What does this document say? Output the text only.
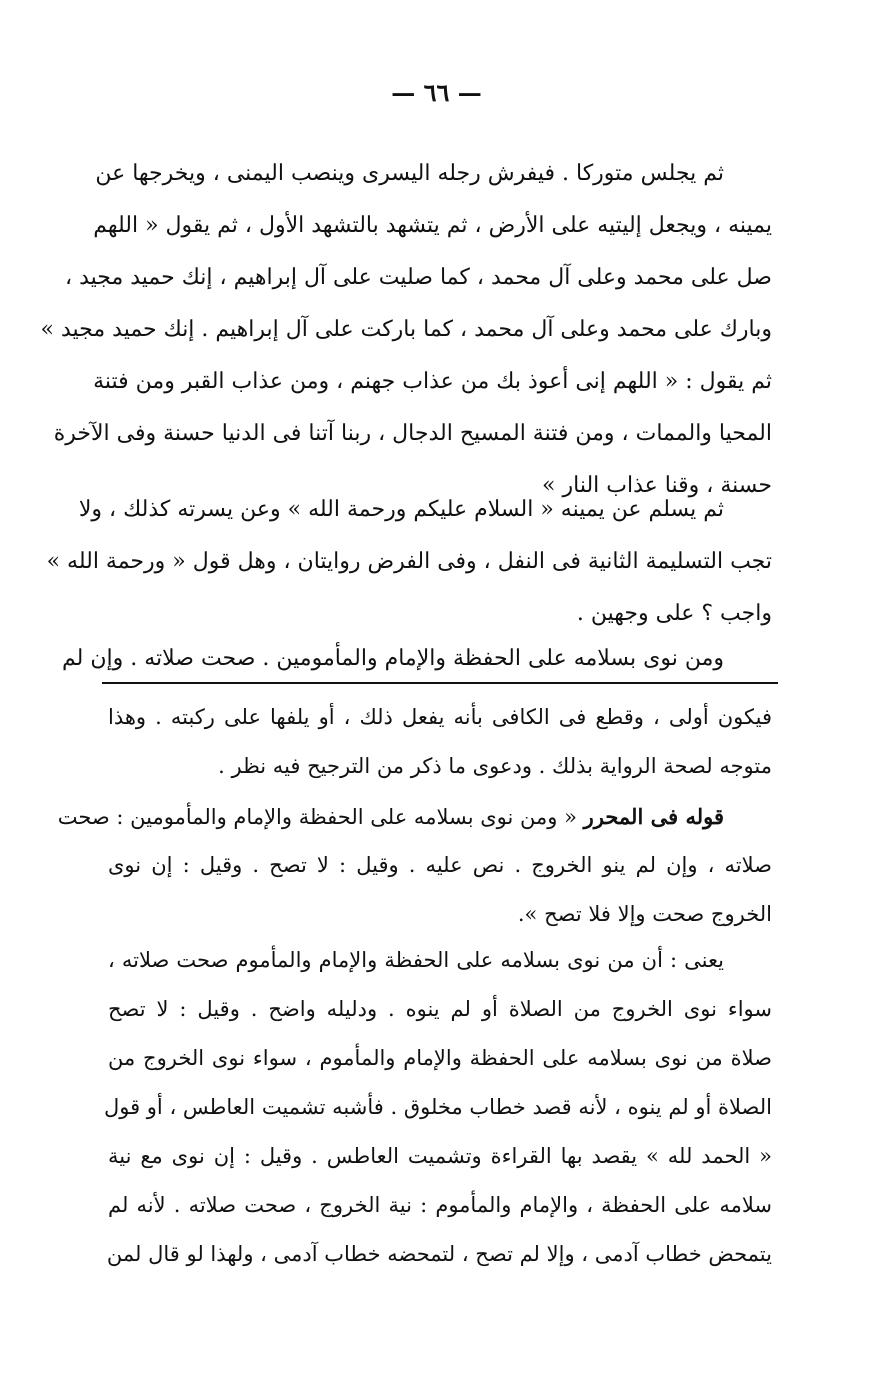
— ٦٦ —
ثم يجلس متوركا . فيفرش رجله اليسرى وينصب اليمنى ، ويخرجها عن
يمينه ، ويجعل إليتيه على الأرض ، ثم يتشهد بالتشهد الأول ، ثم يقول « اللهم
صل على محمد وعلى آل محمد ، كما صليت على آل إبراهيم ، إنك حميد مجيد ،
وبارك على محمد وعلى آل محمد ، كما باركت على آل إبراهيم . إنك حميد مجيد »
ثم يقول : « اللهم إنى أعوذ بك من عذاب جهنم ، ومن عذاب القبر ومن فتنة
المحيا والممات ، ومن فتنة المسيح الدجال ، ربنا آتنا فى الدنيا حسنة وفى الآخرة
حسنة ، وقنا عذاب النار »
ثم يسلم عن يمينه « السلام عليكم ورحمة الله » وعن يسرته كذلك ، ولا
تجب التسليمة الثانية فى النفل ، وفى الفرض روايتان ، وهل قول « ورحمة الله »
واجب ؟ على وجهين .
ومن نوى بسلامه على الحفظة والإمام والمأمومين . صحت صلاته . وإن لم
فيكون أولى ، وقطع فى الكافى بأنه يفعل ذلك ، أو يلفها على ركبته . وهذا
متوجه لصحة الرواية بذلك . ودعوى ما ذكر من الترجيح فيه نظر .
قوله فى المحرر « ومن نوى بسلامه على الحفظة والإمام والمأمومين : صحت
صلاته ، وإن لم ينو الخروج . نص عليه . وقيل : لا تصح . وقيل : إن نوى
الخروج صحت وإلا فلا تصح ».
يعنى : أن من نوى بسلامه على الحفظة والإمام والمأموم صحت صلاته ،
سواء نوى الخروج من الصلاة أو لم ينوه . ودليله واضح . وقيل : لا تصح
صلاة من نوى بسلامه على الحفظة والإمام والمأموم ، سواء نوى الخروج من
الصلاة أو لم ينوه ، لأنه قصد خطاب مخلوق . فأشبه تشميت العاطس ، أو قول
« الحمد لله » يقصد بها القراءة وتشميت العاطس . وقيل : إن نوى مع نية
سلامه على الحفظة ، والإمام والمأموم : نية الخروج ، صحت صلاته . لأنه لم
يتمحض خطاب آدمى ، وإلا لم تصح ، لتمحضه خطاب آدمى ، ولهذا لو قال لمن
